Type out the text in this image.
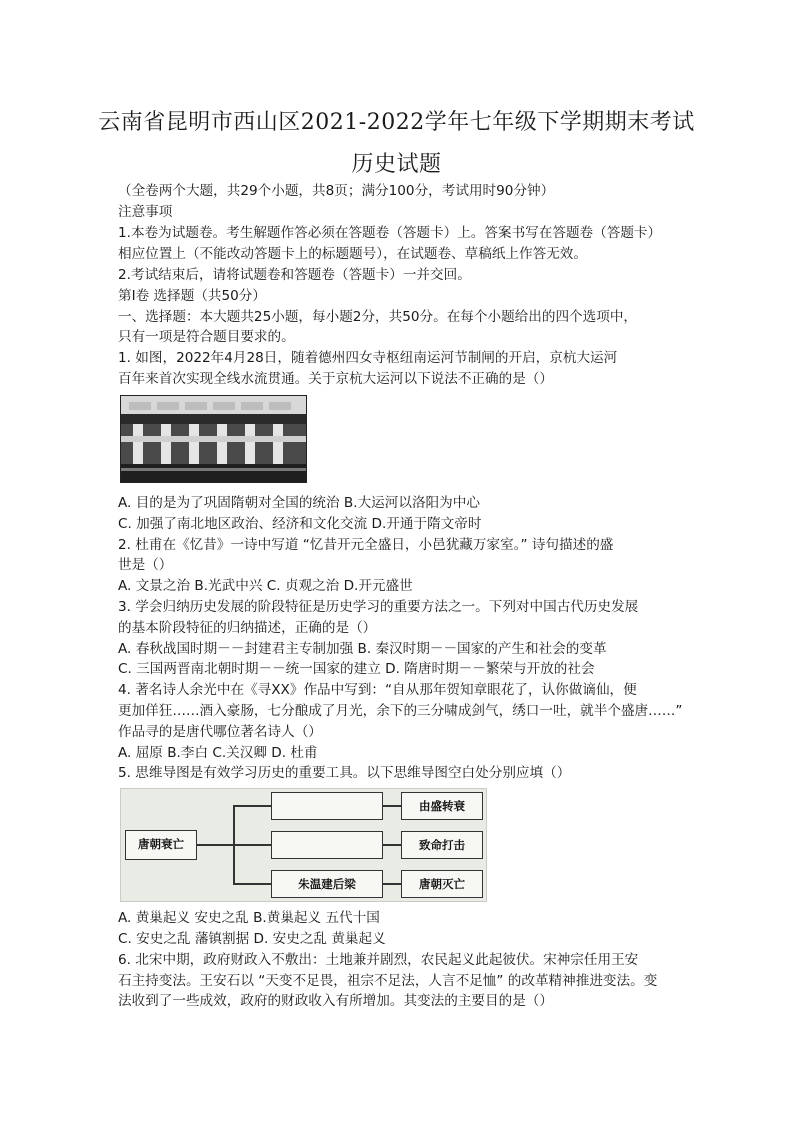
云南省昆明市西山区2021-2022学年七年级下学期期末考试
历史试题
（全卷两个大题，共29个小题，共8页；满分100分，考试用时90分钟）
注意事项
1.本卷为试题卷。考生解题作答必须在答题卷（答题卡）上。答案书写在答题卷（答题卡）
相应位置上（不能改动答题卡上的标题题号），在试题卷、草稿纸上作答无效。
2.考试结束后，请将试题卷和答题卷（答题卡）一并交回。
第Ⅰ卷 选择题（共50分）
一、选择题：本大题共25小题，每小题2分，共50分。在每个小题给出的四个选项中，
只有一项是符合题目要求的。
1. 如图，2022年4月28日，随着德州四女寺枢纽南运河节制闸的开启，京杭大运河
百年来首次实现全线水流贯通。关于京杭大运河以下说法不正确的是（）
A. 目的是为了巩固隋朝对全国的统治 B.大运河以洛阳为中心
C. 加强了南北地区政治、经济和文化交流 D.开通于隋文帝时
2. 杜甫在《忆昔》一诗中写道 “忆昔开元全盛日，小邑犹藏万家室。” 诗句描述的盛
世是（）
A. 文景之治 B.光武中兴 C. 贞观之治 D.开元盛世
3. 学会归纳历史发展的阶段特征是历史学习的重要方法之一。下列对中国古代历史发展
的基本阶段特征的归纳描述，正确的是（）
A. 春秋战国时期－－封建君主专制加强 B. 秦汉时期－－国家的产生和社会的变革
C. 三国两晋南北朝时期－－统一国家的建立 D. 隋唐时期－－繁荣与开放的社会
4. 著名诗人余光中在《寻XX》作品中写到：“自从那年贺知章眼花了，认你做谪仙，便
更加佯狂……酒入豪肠，七分酿成了月光，余下的三分啸成剑气，绣口一吐，就半个盛唐……”
作品寻的是唐代哪位著名诗人（）
A. 屈原 B.李白 C.关汉卿 D. 杜甫
5. 思维导图是有效学习历史的重要工具。以下思维导图空白处分别应填（）
唐朝衰亡
朱温建后梁
由盛转衰
致命打击
唐朝灭亡
A. 黄巢起义 安史之乱 B.黄巢起义 五代十国
C. 安史之乱 藩镇割据 D. 安史之乱 黄巢起义
6. 北宋中期，政府财政入不敷出：土地兼并剧烈，农民起义此起彼伏。宋神宗任用王安
石主持变法。王安石以 “天变不足畏，祖宗不足法，人言不足恤” 的改革精神推进变法。变
法收到了一些成效，政府的财政收入有所增加。其变法的主要目的是（）
